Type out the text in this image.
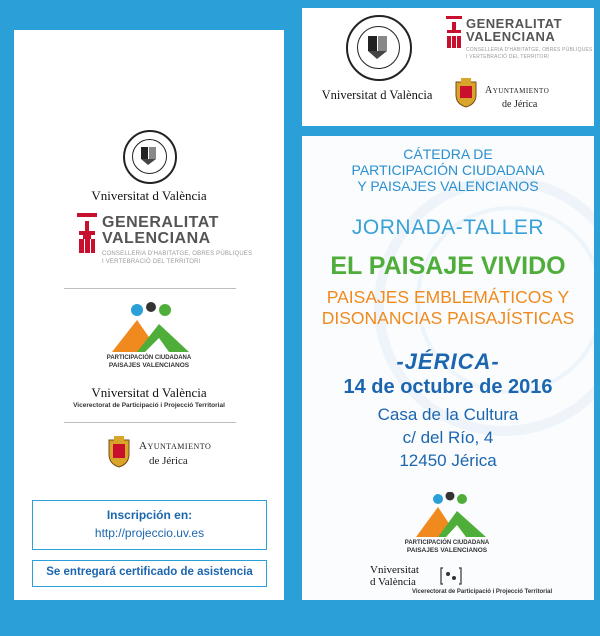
Vniversitat d València
GENERALITAT
VALENCIANA
CONSELLERIA D'HABITATGE, OBRES PÚBLIQUES
I VERTEBRACIÓ DEL TERRITORI
PARTICIPACIÓN CIUDADANA
PAISAJES VALENCIANOS
Vniversitat d València
Vicerectorat de Participació i Projecció Territorial
Ayuntamiento
de Jérica
Inscripción en:
http://projeccio.uv.es
Se entregará certificado de asistencia
Vniversitat d València
GENERALITAT
VALENCIANA
CONSELLERIA D'HABITATGE, OBRES PÚBLIQUES
I VERTEBRACIÓ DEL TERRITORI
Ayuntamiento
de Jérica
CÁTEDRA DE
PARTICIPACIÓN CIUDADANA
Y PAISAJES VALENCIANOS
JORNADA-TALLER
EL PAISAJE VIVIDO
PAISAJES EMBLEMÁTICOS Y
DISONANCIAS PAISAJÍSTICAS
-JÉRICA-
14 de octubre de 2016
Casa de la Cultura
c/ del Río, 4
12450 Jérica
PARTICIPACIÓN CIUDADANA
PAISAJES VALENCIANOS
Vniversitat
d València
Vicerectorat de Participació i Projecció Territorial
